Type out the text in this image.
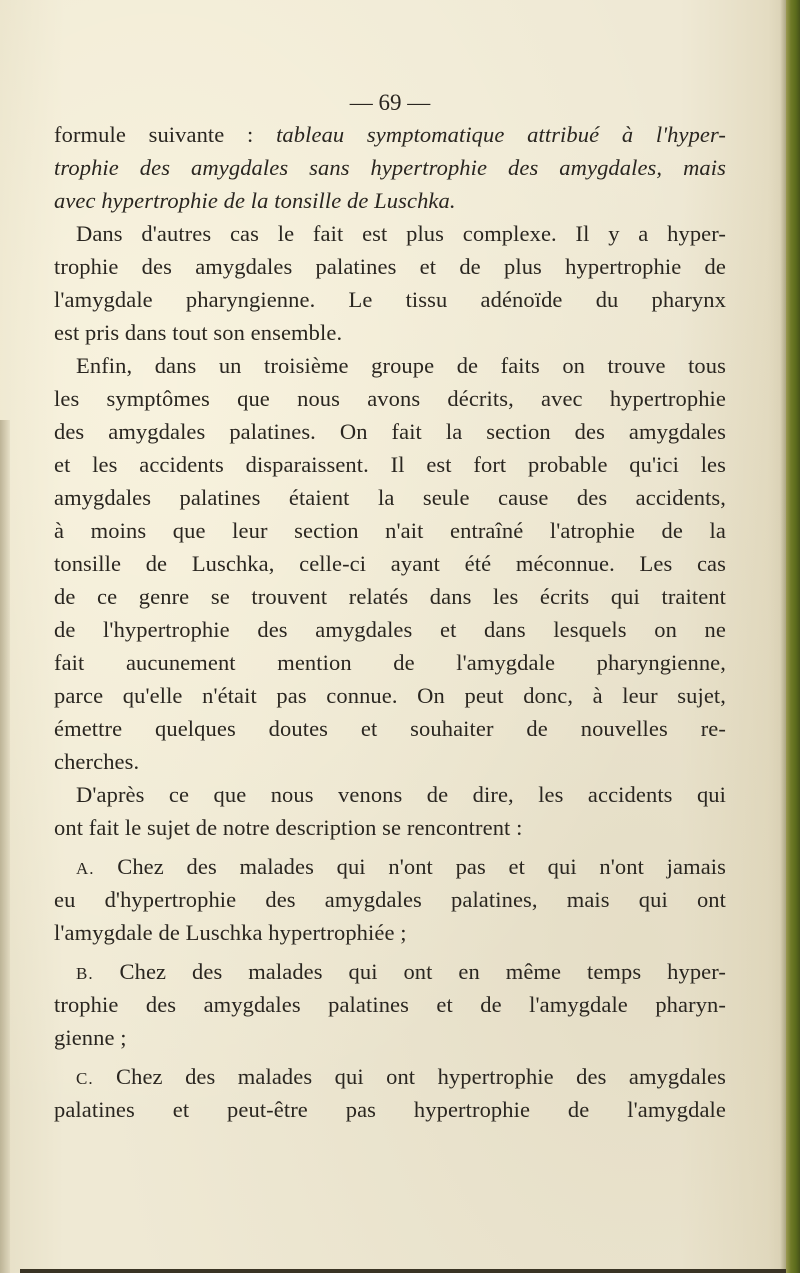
— 69 —
formule suivante : tableau symptomatique attribué à l'hyper-
trophie des amygdales sans hypertrophie des amygdales, mais
avec hypertrophie de la tonsille de Luschka.
Dans d'autres cas le fait est plus complexe. Il y a hyper-
trophie des amygdales palatines et de plus hypertrophie de
l'amygdale pharyngienne. Le tissu adénoïde du pharynx
est pris dans tout son ensemble.
Enfin, dans un troisième groupe de faits on trouve tous
les symptômes que nous avons décrits, avec hypertrophie
des amygdales palatines. On fait la section des amygdales
et les accidents disparaissent. Il est fort probable qu'ici les
amygdales palatines étaient la seule cause des accidents,
à moins que leur section n'ait entraîné l'atrophie de la
tonsille de Luschka, celle-ci ayant été méconnue. Les cas
de ce genre se trouvent relatés dans les écrits qui traitent
de l'hypertrophie des amygdales et dans lesquels on ne
fait aucunement mention de l'amygdale pharyngienne,
parce qu'elle n'était pas connue. On peut donc, à leur sujet,
émettre quelques doutes et souhaiter de nouvelles re-
cherches.
D'après ce que nous venons de dire, les accidents qui
ont fait le sujet de notre description se rencontrent :
A. Chez des malades qui n'ont pas et qui n'ont jamais
eu d'hypertrophie des amygdales palatines, mais qui ont
l'amygdale de Luschka hypertrophiée ;
B. Chez des malades qui ont en même temps hyper-
trophie des amygdales palatines et de l'amygdale pharyn-
gienne ;
C. Chez des malades qui ont hypertrophie des amygdales
palatines et peut-être pas hypertrophie de l'amygdale
